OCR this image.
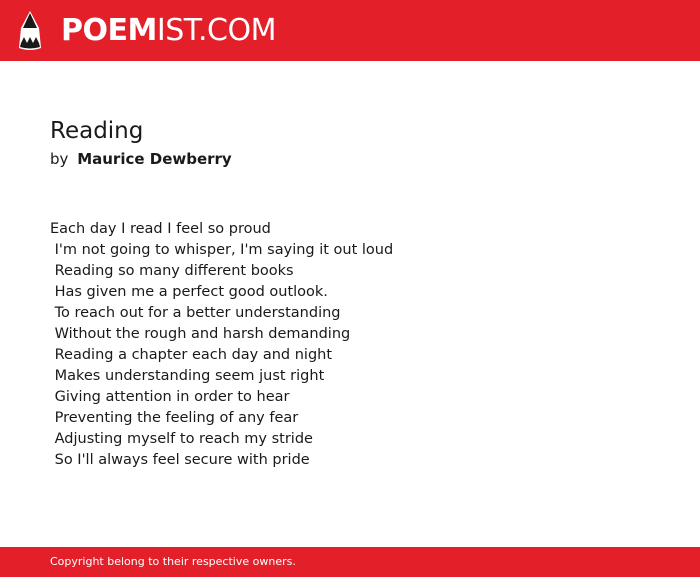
POEMIST.COM
Reading
by Maurice Dewberry
Each day I read I feel so proud
I'm not going to whisper, I'm saying it out loud
Reading so many different books
Has given me a perfect good outlook.
To reach out for a better understanding
Without the rough and harsh demanding
Reading a chapter each day and night
Makes understanding seem just right
Giving attention in order to hear
Preventing the feeling of any fear
Adjusting myself to reach my stride
So I'll always feel secure with pride
Copyright belong to their respective owners.
